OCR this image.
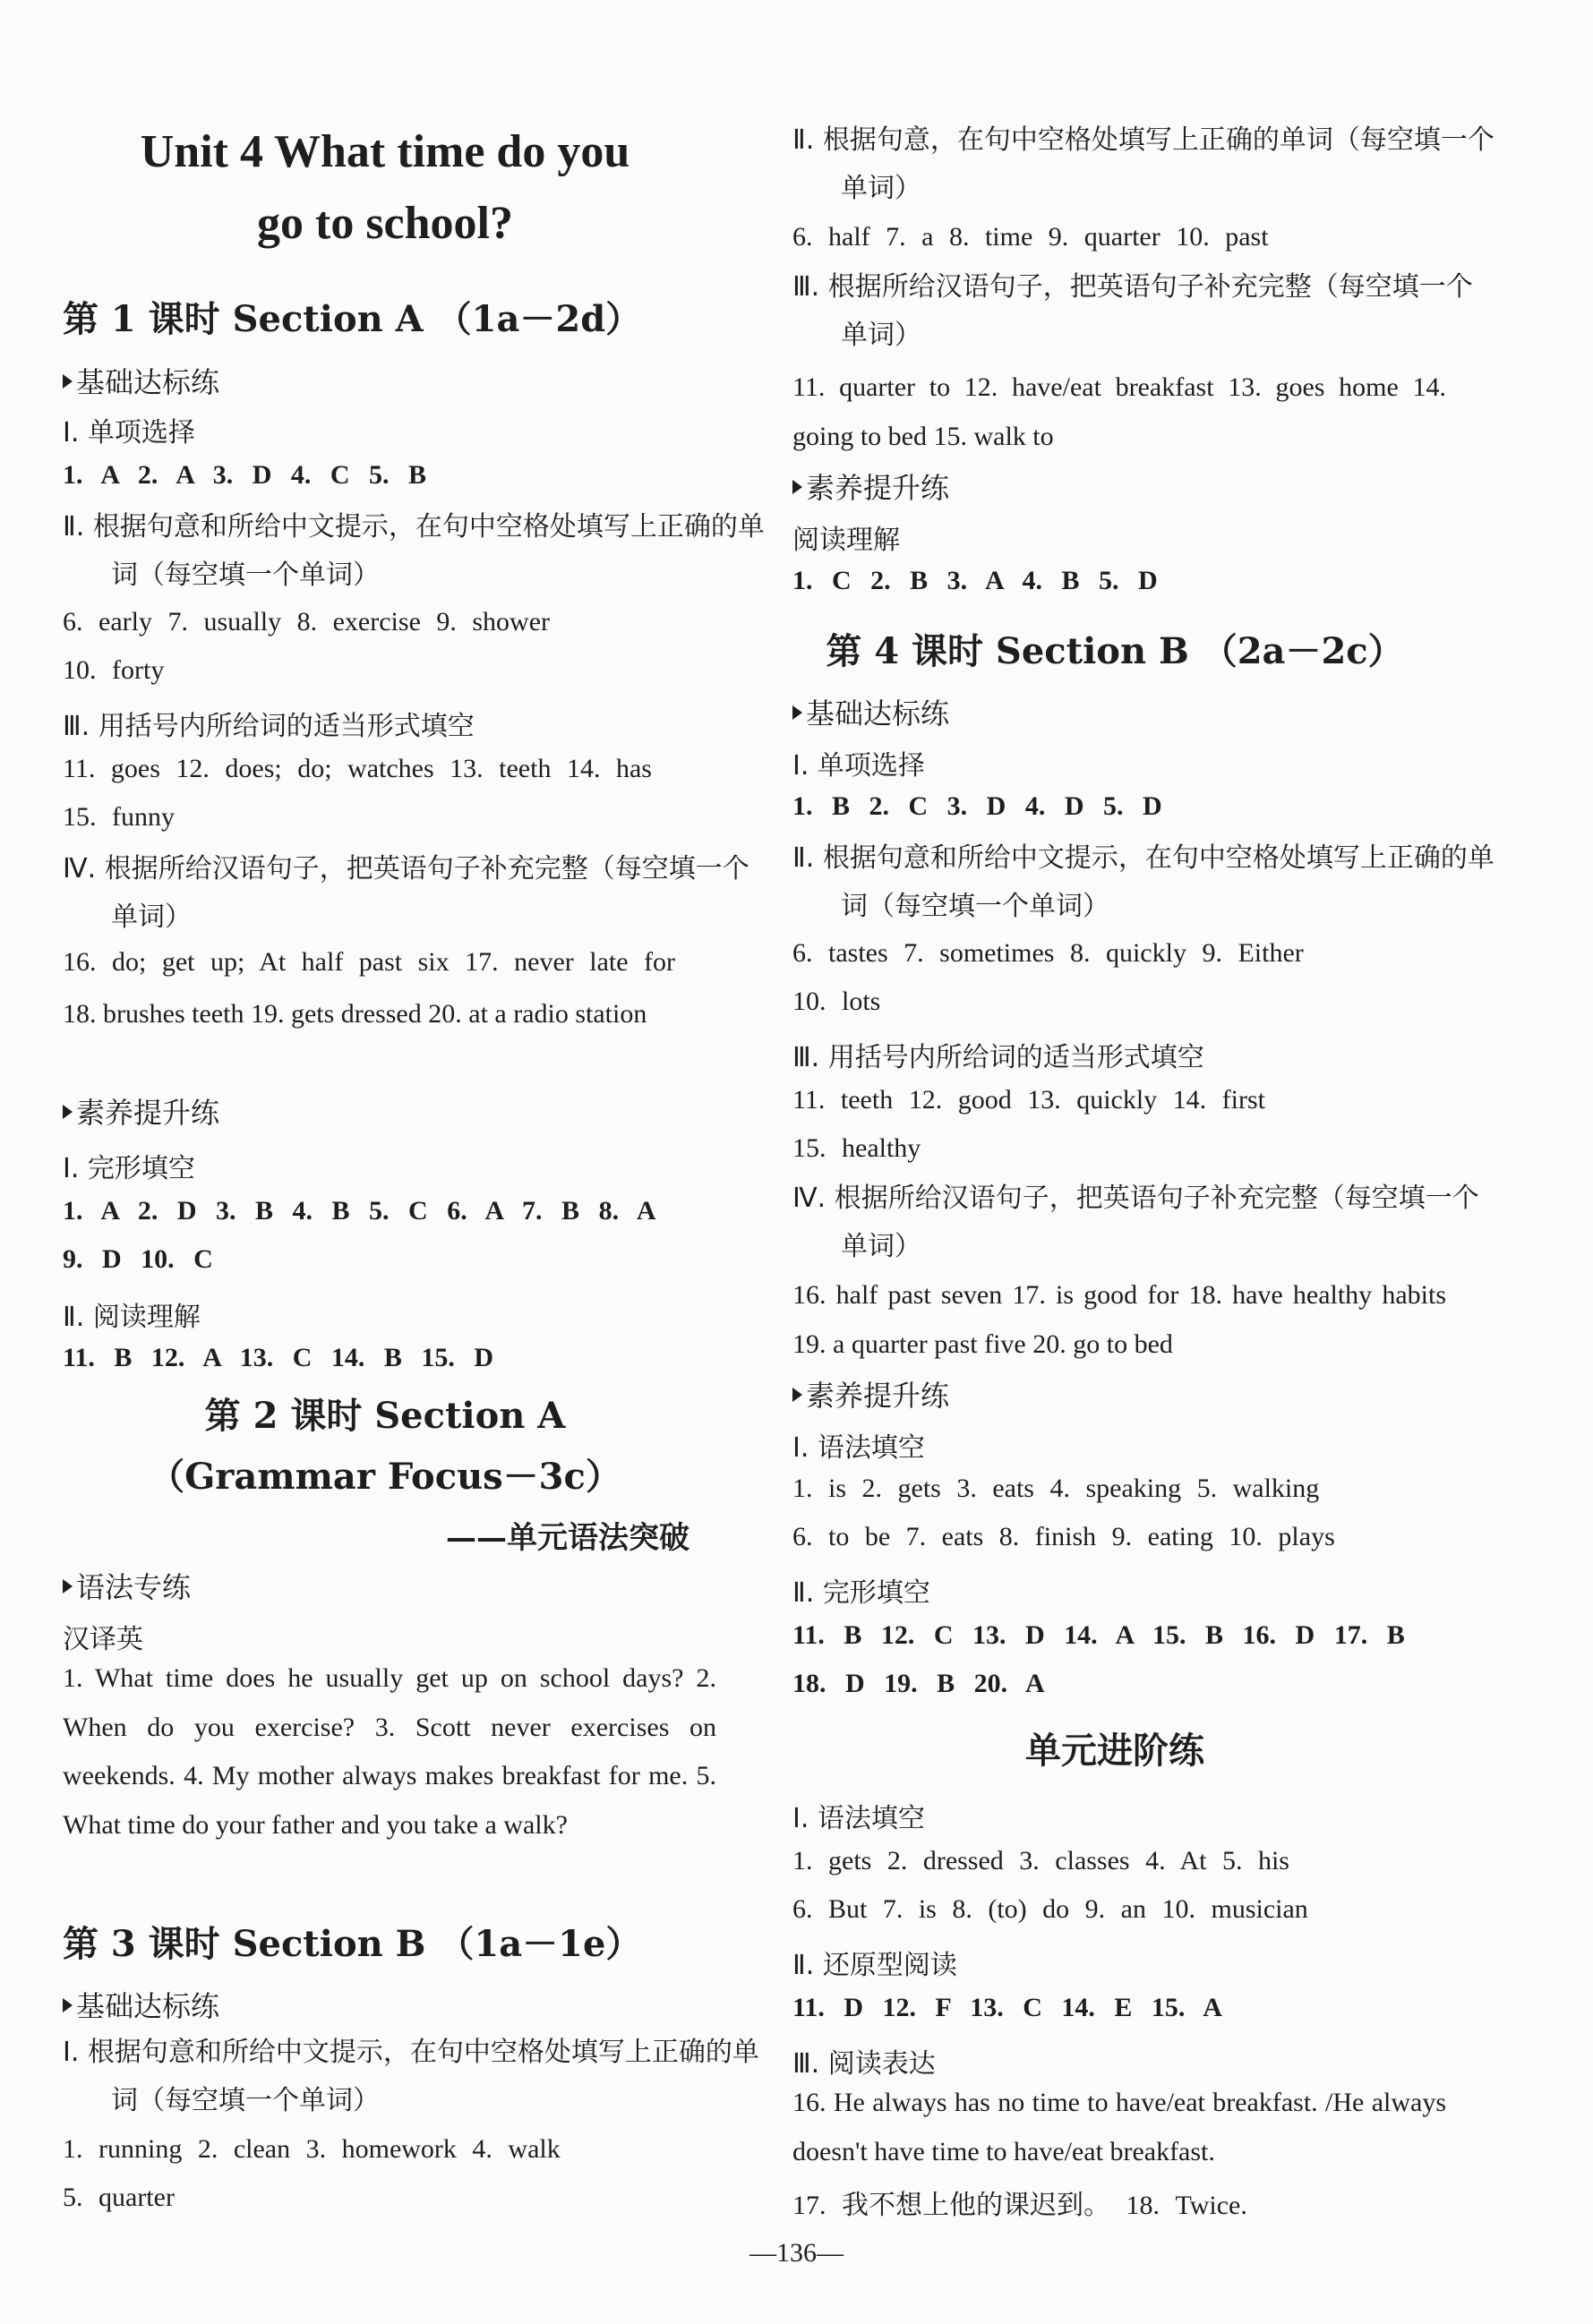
Unit 4 What time do you
go to school?
第 1 课时 Section A （1a－2d）
基础达标练
Ⅰ. 单项选择
1. A 2. A 3. D 4. C 5. B
Ⅱ. 根据句意和所给中文提示，在句中空格处填写上正确的单词（每空填一个单词）
6. early 7. usually 8. exercise 9. shower
10. forty
Ⅲ. 用括号内所给词的适当形式填空
11. goes 12. does; do; watches 13. teeth 14. has
15. funny
Ⅳ. 根据所给汉语句子，把英语句子补充完整（每空填一个单词）
16. do; get up; At half past six 17. never late for
18. brushes teeth 19. gets dressed 20. at a radio station
素养提升练
Ⅰ. 完形填空
1. A 2. D 3. B 4. B 5. C 6. A 7. B 8. A
9. D 10. C
Ⅱ. 阅读理解
11. B 12. A 13. C 14. B 15. D
第 2 课时 Section A
（Grammar Focus－3c）
——单元语法突破
语法专练
汉译英
1. What time does he usually get up on school days? 2. When do you exercise? 3. Scott never exercises on weekends. 4. My mother always makes breakfast for me. 5. What time do your father and you take a walk?
第 3 课时 Section B （1a－1e）
基础达标练
Ⅰ. 根据句意和所给中文提示，在句中空格处填写上正确的单词（每空填一个单词）
1. running 2. clean 3. homework 4. walk
5. quarter
Ⅱ. 根据句意，在句中空格处填写上正确的单词（每空填一个单词）
6. half 7. a 8. time 9. quarter 10. past
Ⅲ. 根据所给汉语句子，把英语句子补充完整（每空填一个单词）
11. quarter to 12. have/eat breakfast 13. goes home 14. going to bed 15. walk to
素养提升练
阅读理解
1. C 2. B 3. A 4. B 5. D
第 4 课时 Section B （2a－2c）
基础达标练
Ⅰ. 单项选择
1. B 2. C 3. D 4. D 5. D
Ⅱ. 根据句意和所给中文提示，在句中空格处填写上正确的单词（每空填一个单词）
6. tastes 7. sometimes 8. quickly 9. Either
10. lots
Ⅲ. 用括号内所给词的适当形式填空
11. teeth 12. good 13. quickly 14. first
15. healthy
Ⅳ. 根据所给汉语句子，把英语句子补充完整（每空填一个单词）
16. half past seven 17. is good for 18. have healthy habits 19. a quarter past five 20. go to bed
素养提升练
Ⅰ. 语法填空
1. is 2. gets 3. eats 4. speaking 5. walking
6. to be 7. eats 8. finish 9. eating 10. plays
Ⅱ. 完形填空
11. B 12. C 13. D 14. A 15. B 16. D 17. B
18. D 19. B 20. A
单元进阶练
Ⅰ. 语法填空
1. gets 2. dressed 3. classes 4. At 5. his
6. But 7. is 8. (to) do 9. an 10. musician
Ⅱ. 还原型阅读
11. D 12. F 13. C 14. E 15. A
Ⅲ. 阅读表达
16. He always has no time to have/eat breakfast. /He always doesn't have time to have/eat breakfast.
17. 我不想上他的课迟到。 18. Twice.
—136—
